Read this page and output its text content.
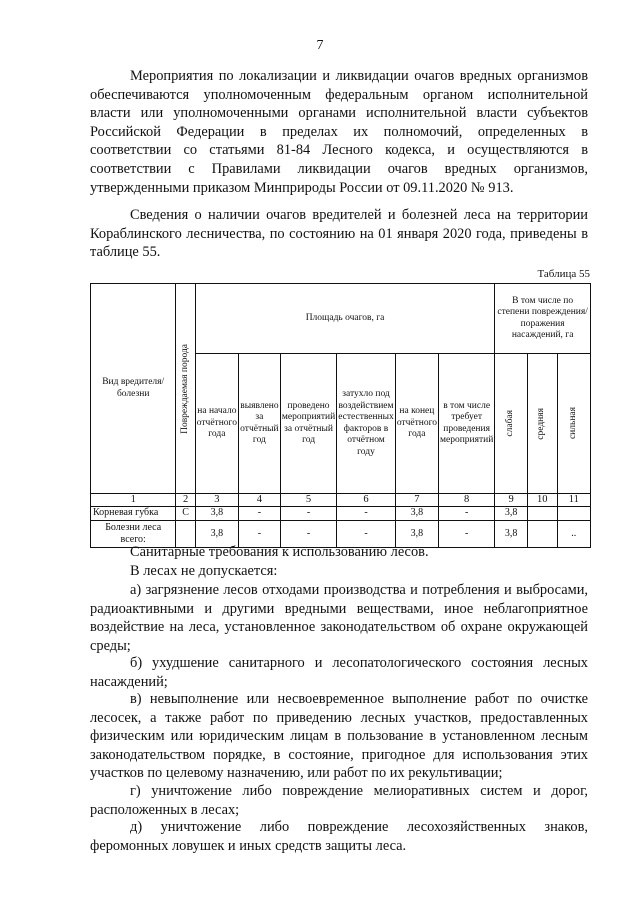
7

Мероприятия по локализации и ликвидации очагов вредных организмов обеспечиваются уполномоченным федеральным органом исполнительной власти или уполномоченными органами исполнительной власти субъектов Российской Федерации в пределах их полномочий, определенных в соответствии со статьями 81-84 Лесного кодекса, и осуществляются в соответствии с Правилами ликвидации очагов вредных организмов, утвержденными приказом Минприроды России от 09.11.2020 № 913.

Сведения о наличии очагов вредителей и болезней леса на территории Кораблинского лесничества, по состоянию на 01 января 2020 года, приведены в таблице 55.

Таблица 55
Вид вредителя/болезни	Повреждаемая порода	Площадь очагов, га						В том числе по степени повреждения/поражения насаждений, га		
		на начало отчётного года	выявлено за отчётный год	проведено мероприятий за отчётный год	затухло под воздействием естественных факторов в отчётном году	на конец отчётного года	в том числе требует проведения мероприятий	слабая	средняя	сильная

1	2	3	4	5	6	7	8	9	10	11
Корневая губка	С	3,8	-	-	-	3,8	-	3,8		
Болезни леса всего:		3,8	-	-	-	3,8	-	3,8		..

Санитарные требования к использованию лесов.

В лесах не допускается:

а) загрязнение лесов отходами производства и потребления и выбросами, радиоактивными и другими вредными веществами, иное неблагоприятное воздействие на леса, установленное законодательством об охране окружающей среды;

б) ухудшение санитарного и лесопатологического состояния лесных насаждений;

в) невыполнение или несвоевременное выполнение работ по очистке лесосек, а также работ по приведению лесных участков, предоставленных физическим или юридическим лицам в пользование в установленном лесным законодательством порядке, в состояние, пригодное для использования этих участков по целевому назначению, или работ по их рекультивации;

г) уничтожение либо повреждение мелиоративных систем и дорог, расположенных в лесах;

д) уничтожение либо повреждение лесохозяйственных знаков, феромонных ловушек и иных средств защиты леса.
